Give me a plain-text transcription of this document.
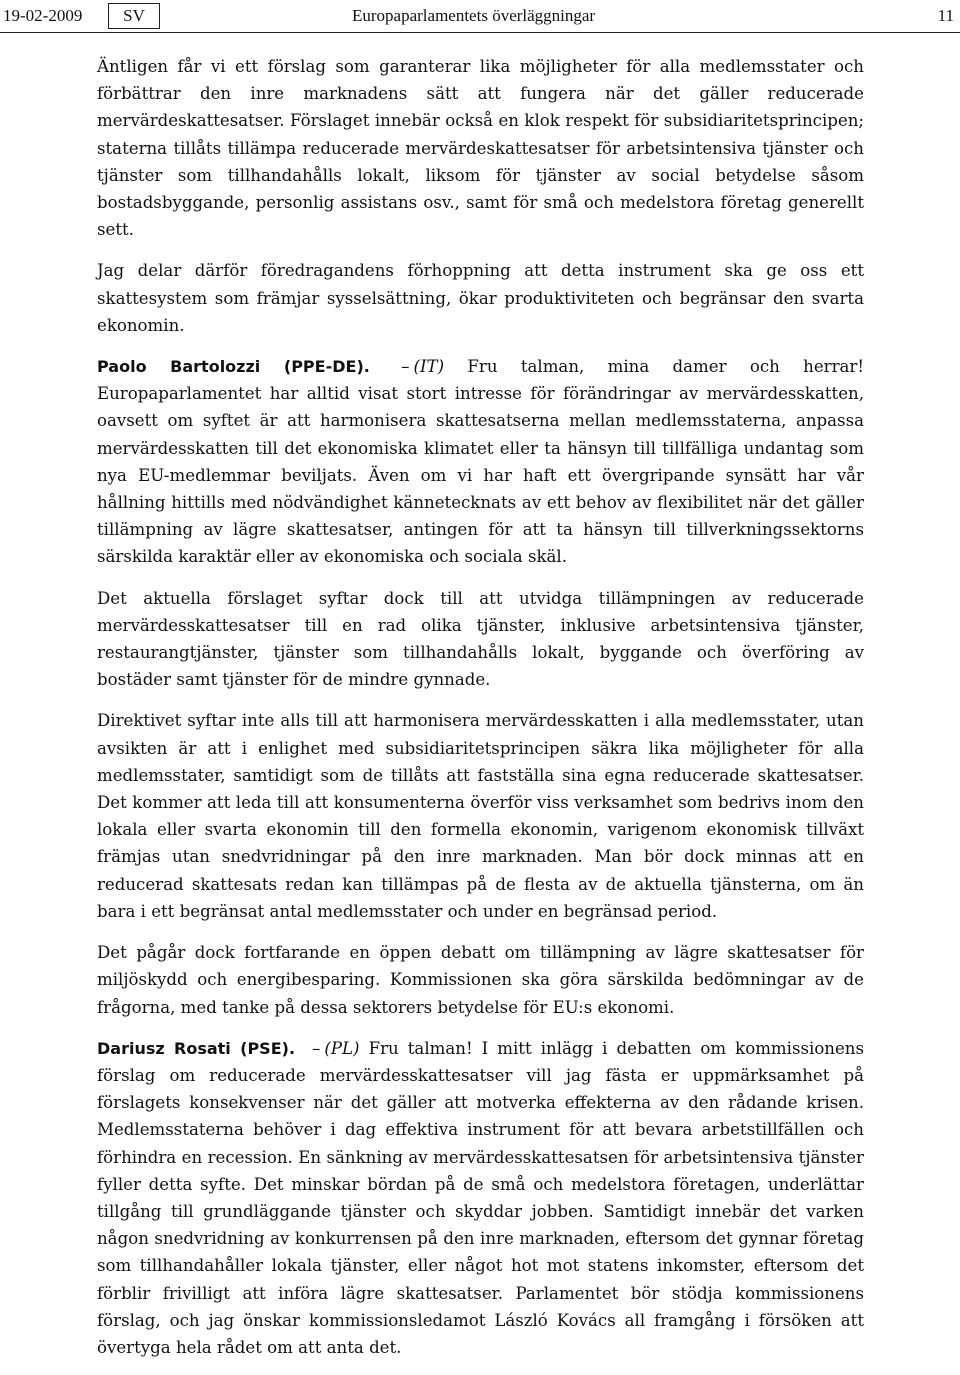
19-02-2009	SV	Europaparlamentets överläggningar	11

Äntligen får vi ett förslag som garanterar lika möjligheter för alla medlemsstater och förbättrar den inre marknadens sätt att fungera när det gäller reducerade mervärdeskattesatser. Förslaget innebär också en klok respekt för subsidiaritetsprincipen; staterna tillåts tillämpa reducerade mervärdeskattesatser för arbetsintensiva tjänster och tjänster som tillhandahålls lokalt, liksom för tjänster av social betydelse såsom bostadsbyggande, personlig assistans osv., samt för små och medelstora företag generellt sett.

Jag delar därför föredragandens förhoppning att detta instrument ska ge oss ett skattesystem som främjar sysselsättning, ökar produktiviteten och begränsar den svarta ekonomin.

Paolo Bartolozzi (PPE-DE). – (IT) Fru talman, mina damer och herrar! Europaparlamentet har alltid visat stort intresse för förändringar av mervärdesskatten, oavsett om syftet är att harmonisera skattesatserna mellan medlemsstaterna, anpassa mervärdesskatten till det ekonomiska klimatet eller ta hänsyn till tillfälliga undantag som nya EU-medlemmar beviljats. Även om vi har haft ett övergripande synsätt har vår hållning hittills med nödvändighet kännetecknats av ett behov av flexibilitet när det gäller tillämpning av lägre skattesatser, antingen för att ta hänsyn till tillverkningssektorns särskilda karaktär eller av ekonomiska och sociala skäl.

Det aktuella förslaget syftar dock till att utvidga tillämpningen av reducerade mervärdesskattesatser till en rad olika tjänster, inklusive arbetsintensiva tjänster, restaurangtjänster, tjänster som tillhandahålls lokalt, byggande och överföring av bostäder samt tjänster för de mindre gynnade.

Direktivet syftar inte alls till att harmonisera mervärdesskatten i alla medlemsstater, utan avsikten är att i enlighet med subsidiaritetsprincipen säkra lika möjligheter för alla medlemsstater, samtidigt som de tillåts att fastställa sina egna reducerade skattesatser. Det kommer att leda till att konsumenterna överför viss verksamhet som bedrivs inom den lokala eller svarta ekonomin till den formella ekonomin, varigenom ekonomisk tillväxt främjas utan snedvridningar på den inre marknaden. Man bör dock minnas att en reducerad skattesats redan kan tillämpas på de flesta av de aktuella tjänsterna, om än bara i ett begränsat antal medlemsstater och under en begränsad period.

Det pågår dock fortfarande en öppen debatt om tillämpning av lägre skattesatser för miljöskydd och energibesparing. Kommissionen ska göra särskilda bedömningar av de frågorna, med tanke på dessa sektorers betydelse för EU:s ekonomi.

Dariusz Rosati (PSE). – (PL) Fru talman! I mitt inlägg i debatten om kommissionens förslag om reducerade mervärdesskattesatser vill jag fästa er uppmärksamhet på förslagets konsekvenser när det gäller att motverka effekterna av den rådande krisen. Medlemsstaterna behöver i dag effektiva instrument för att bevara arbetstillfällen och förhindra en recession. En sänkning av mervärdesskattesatsen för arbetsintensiva tjänster fyller detta syfte. Det minskar bördan på de små och medelstora företagen, underlättar tillgång till grundläggande tjänster och skyddar jobben. Samtidigt innebär det varken någon snedvridning av konkurrensen på den inre marknaden, eftersom det gynnar företag som tillhandahåller lokala tjänster, eller något hot mot statens inkomster, eftersom det förblir frivilligt att införa lägre skattesatser. Parlamentet bör stödja kommissionens förslag, och jag önskar kommissionsledamot László Kovács all framgång i försöken att övertyga hela rådet om att anta det.
